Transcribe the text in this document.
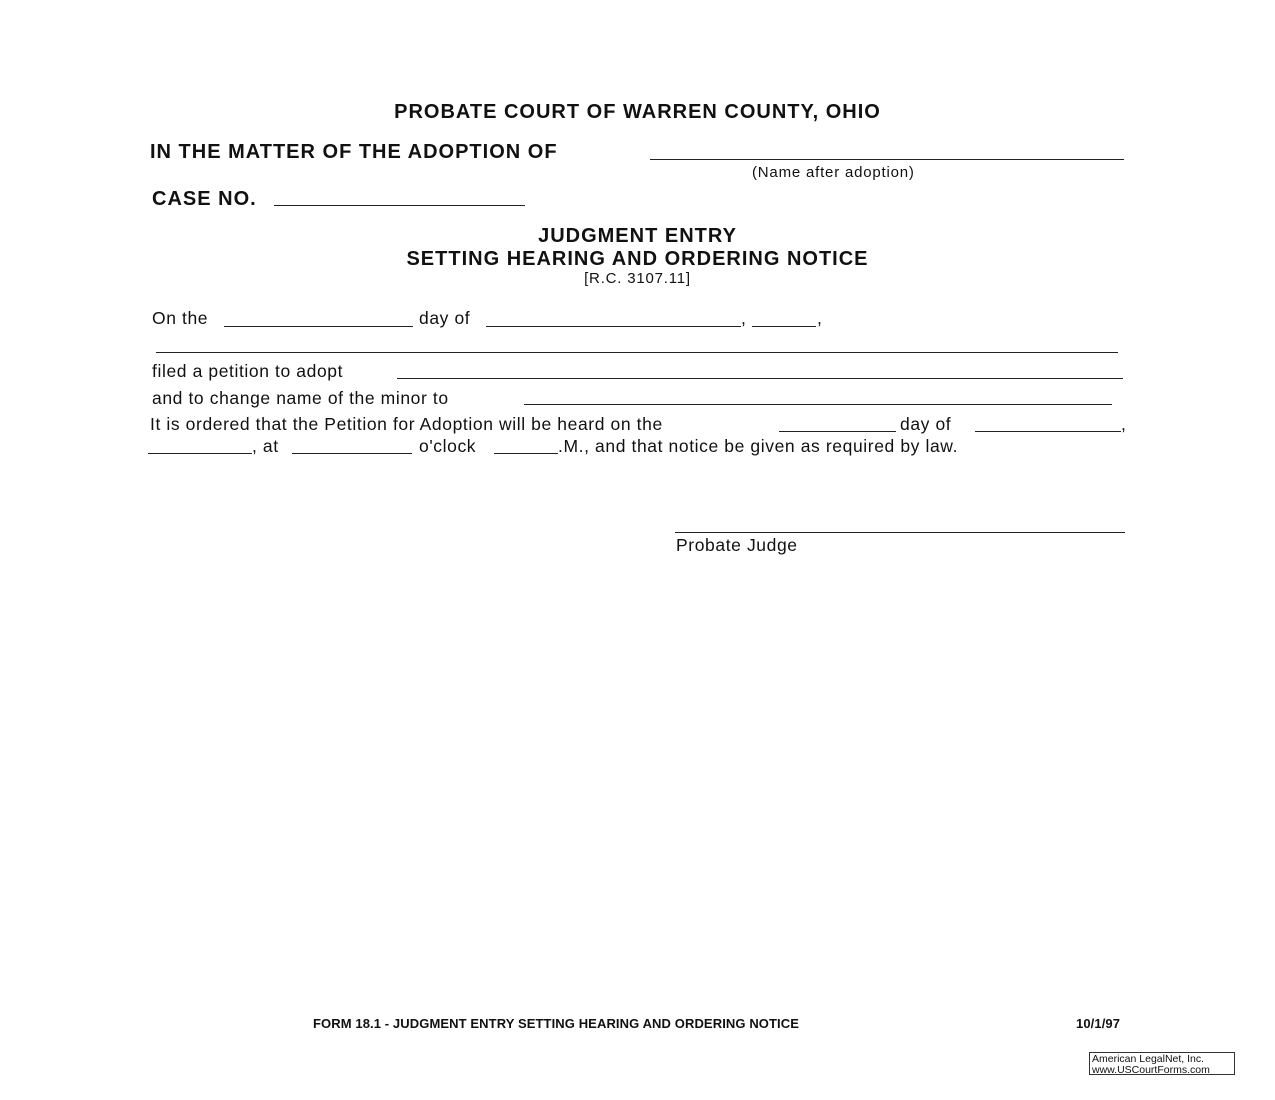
PROBATE COURT OF WARREN COUNTY, OHIO
IN THE MATTER OF THE ADOPTION OF
(Name after adoption)
CASE NO.
JUDGMENT ENTRY
SETTING HEARING AND ORDERING NOTICE
[R.C. 3107.11]
On the	day of	,	,
filed a petition to adopt
and to change name of the minor to
It is ordered that the Petition for Adoption will be heard on the	day of	,
, at	o'clock	.M., and that notice be given as required by law.
Probate Judge
FORM 18.1 - JUDGMENT ENTRY SETTING HEARING AND ORDERING NOTICE	10/1/97
American LegalNet, Inc.
www.USCourtForms.com
